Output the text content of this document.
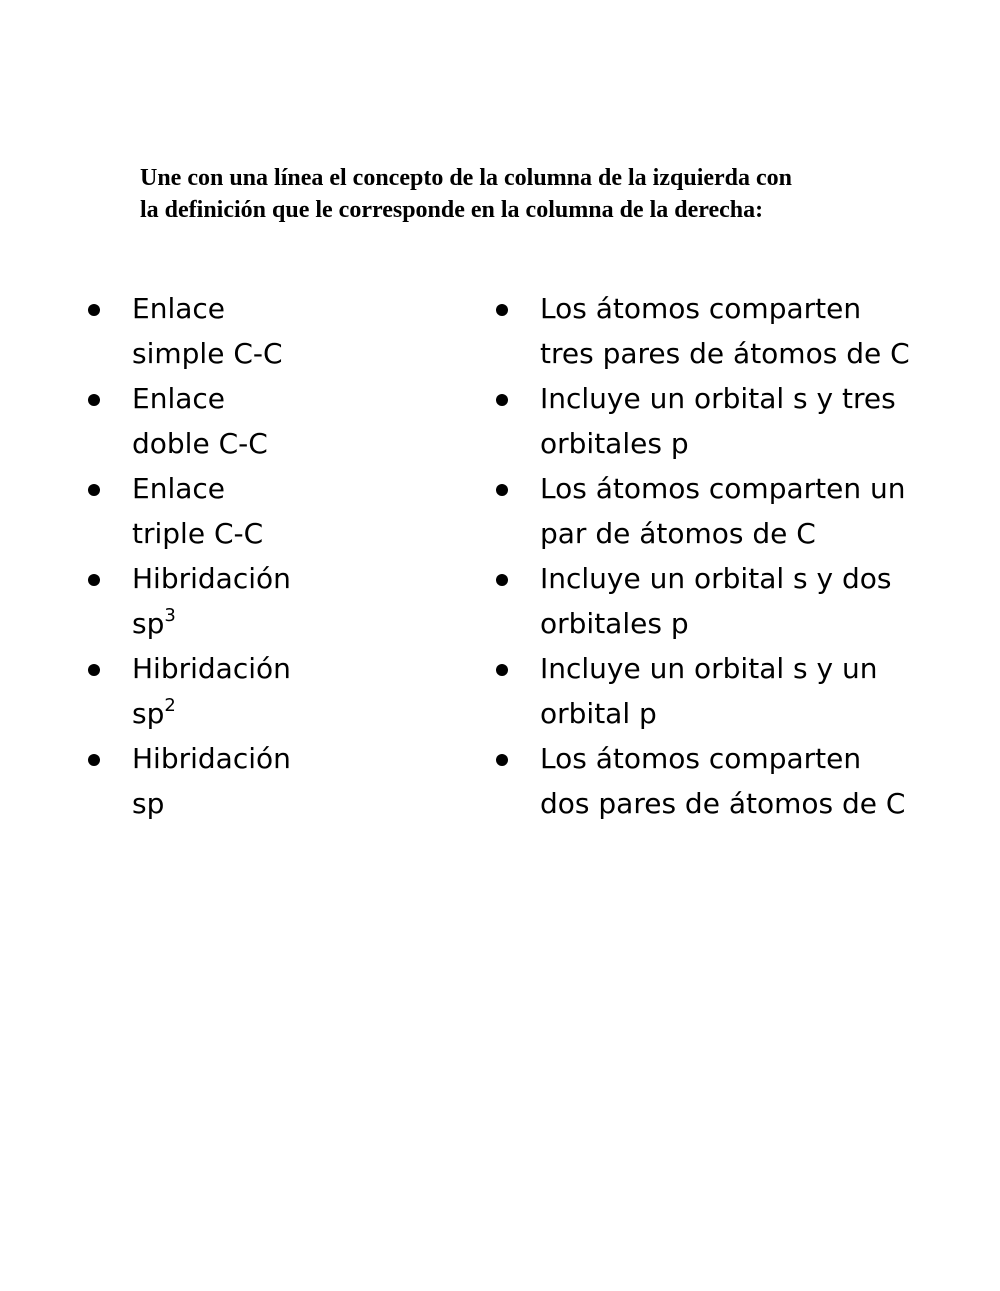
Une con una línea el concepto de la columna de la izquierda con
la definición que le corresponde en la columna de la derecha:

Enlace
simple C-C
Enlace
doble C-C
Enlace
triple C-C
Hibridación
$sp^3$
Hibridación
$sp^2$
Hibridación
sp
Los átomos comparten
tres pares de átomos de C
Incluye un orbital s y tres
orbitales p
Los átomos comparten un
par de átomos de C
Incluye un orbital s y dos
orbitales p
Incluye un orbital s y un
orbital p
Los átomos comparten
dos pares de átomos de C
